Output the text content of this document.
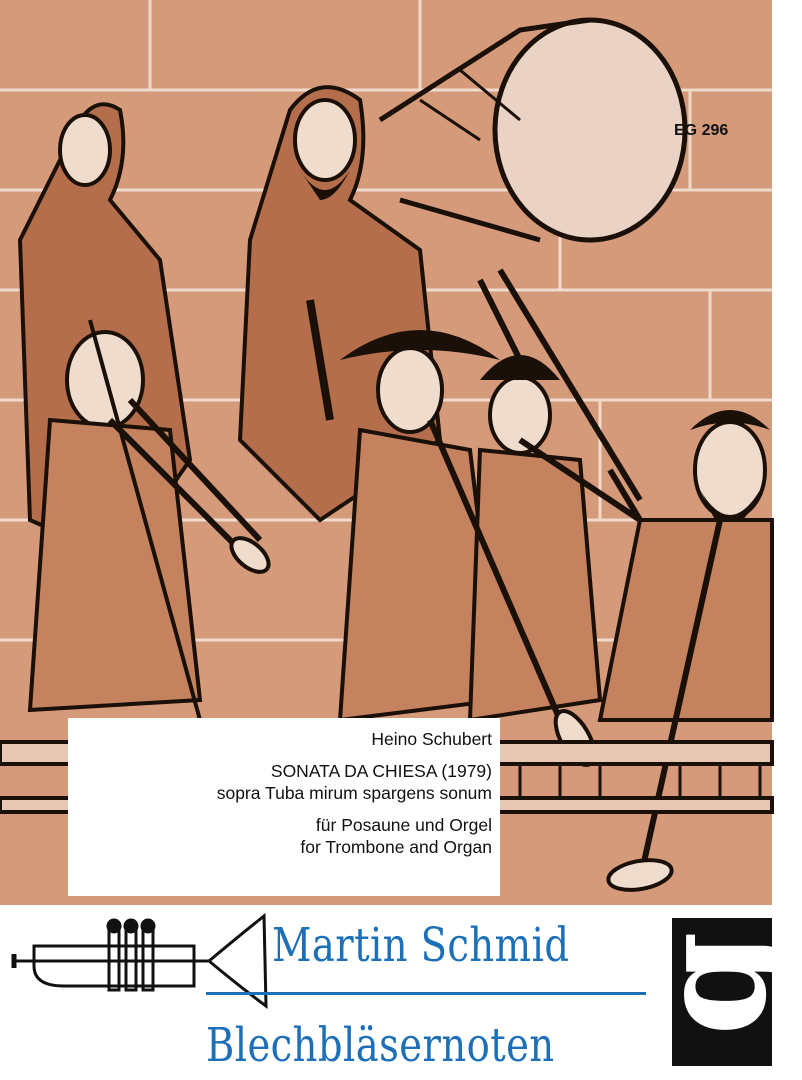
EG 296
Heino Schubert
SONATA DA CHIESA (1979)
sopra Tuba mirum spargens sonum
für Posaune und Orgel
for Trombone and Organ
Martin Schmid
Blechbläsernoten
g
